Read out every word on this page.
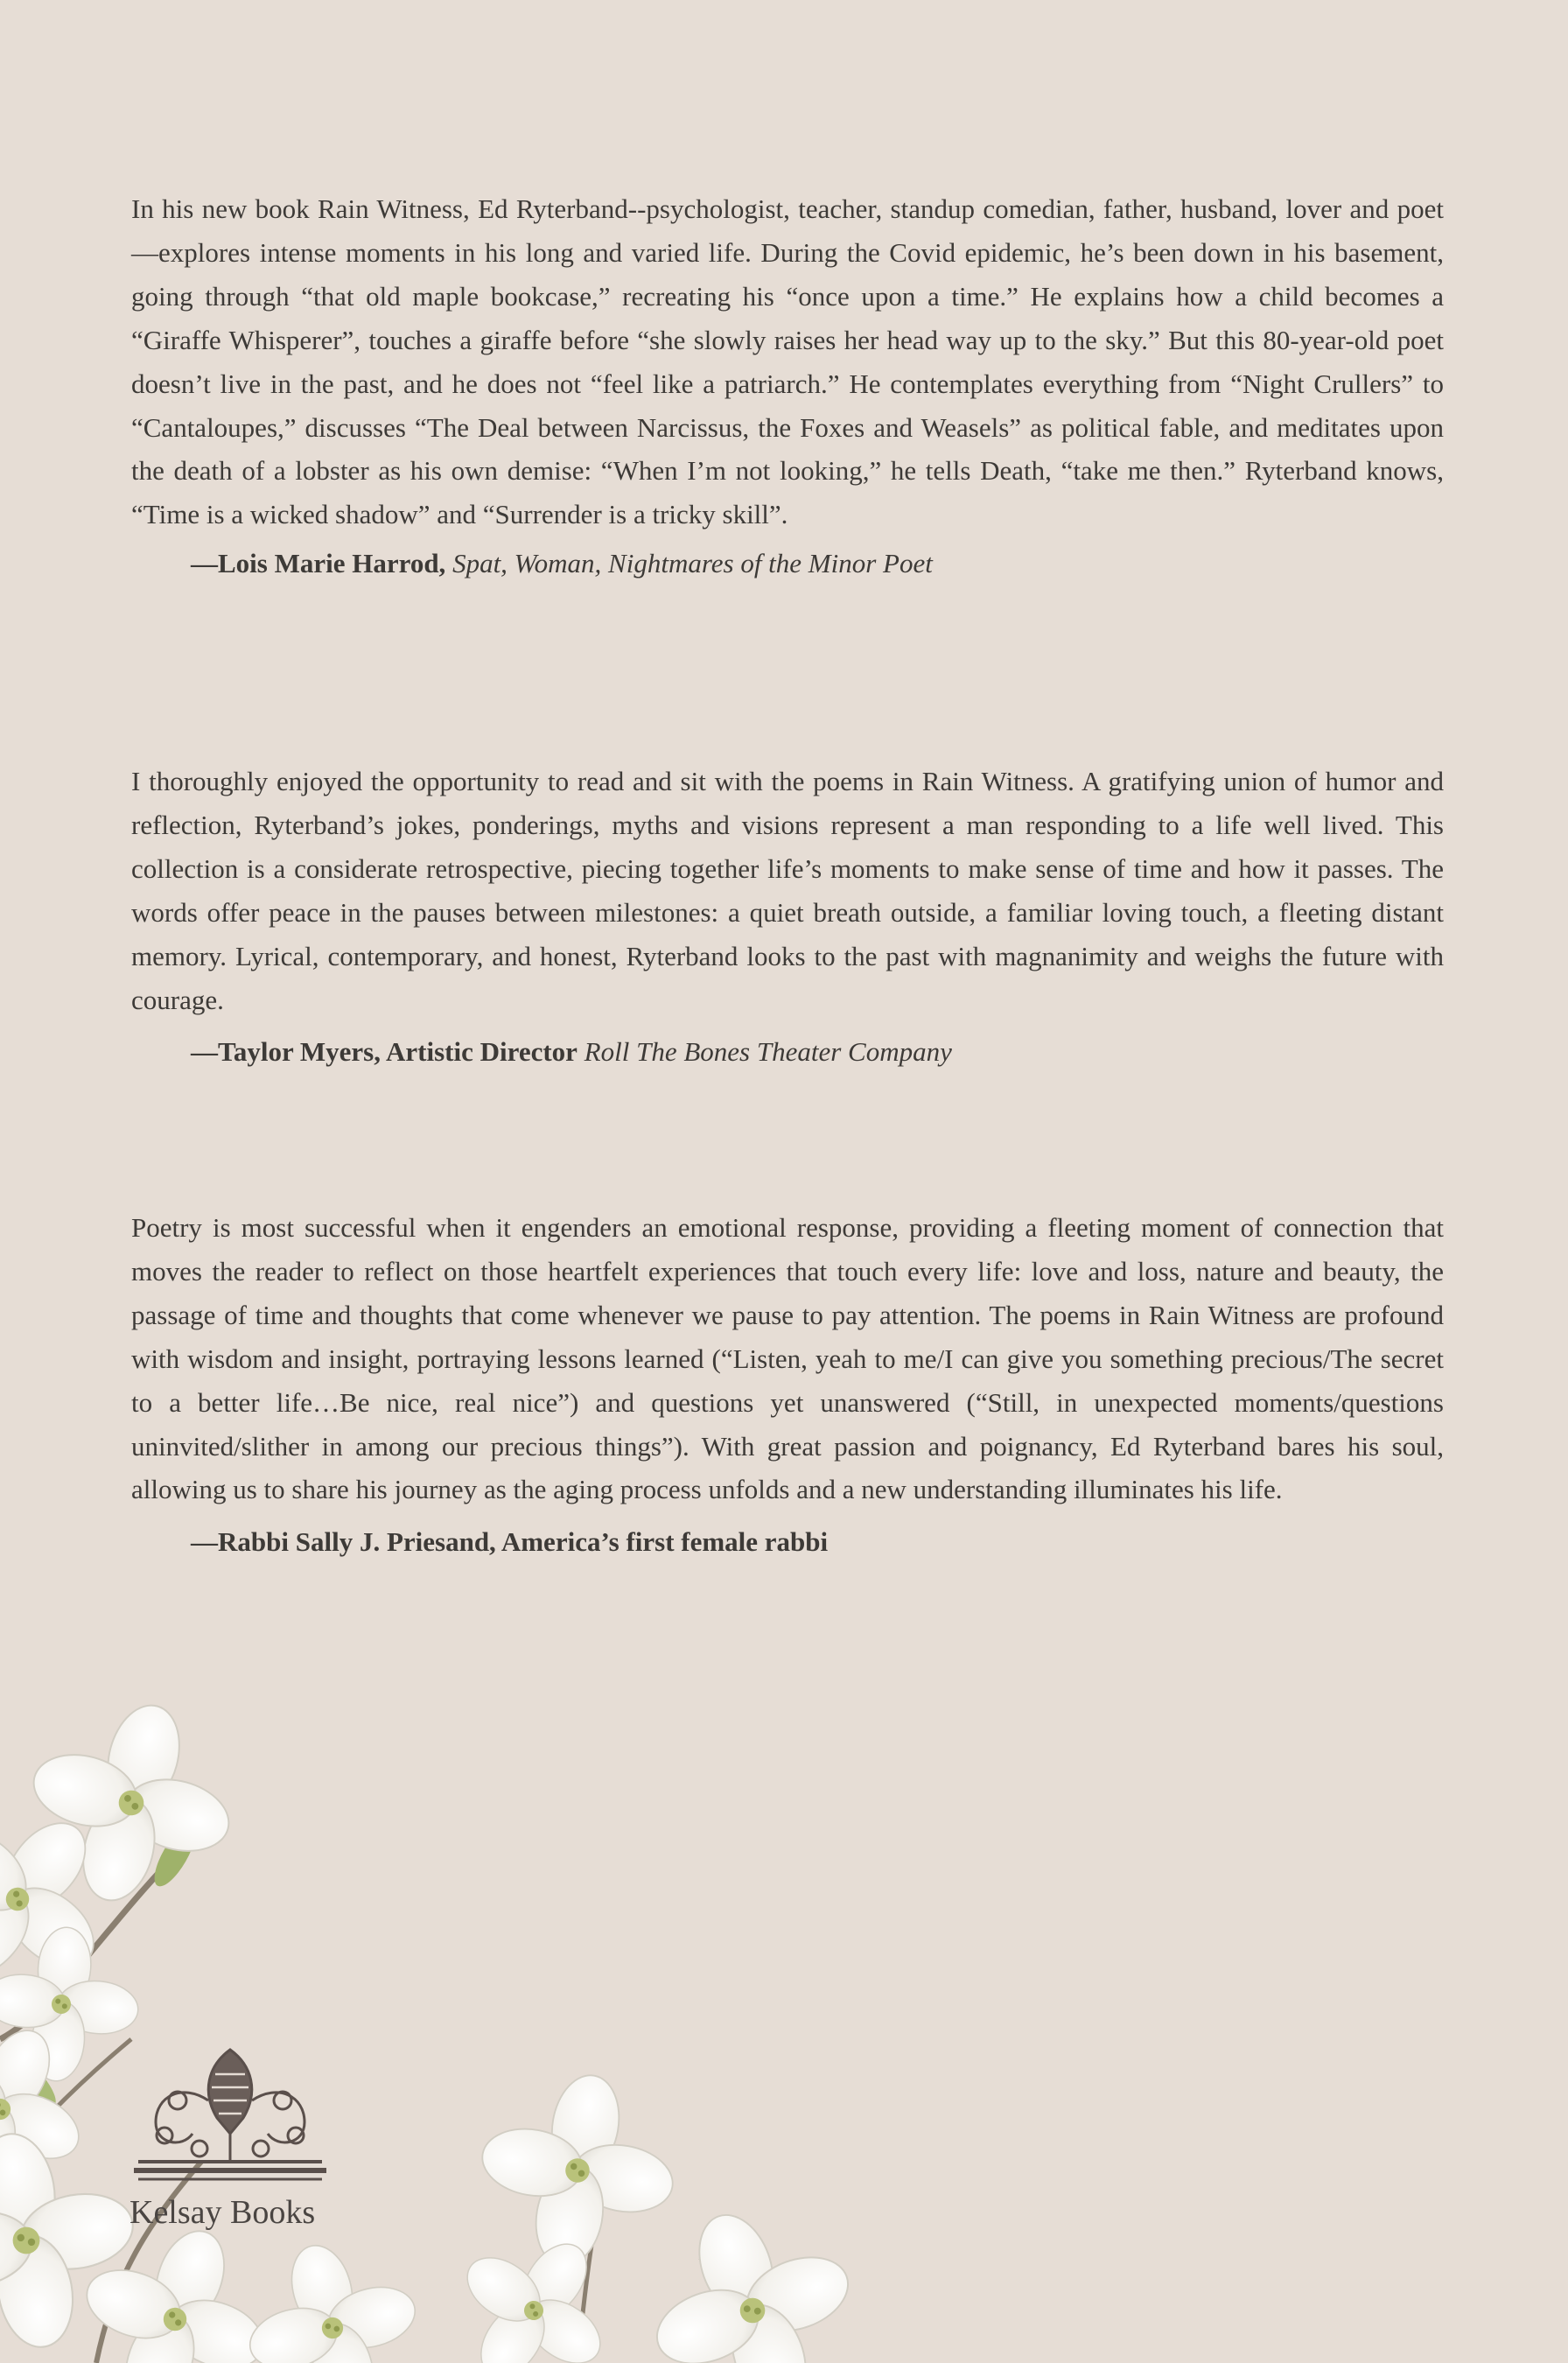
In his new book Rain Witness, Ed Ryterband--psychologist, teacher, standup comedian, father, husband, lover and poet—explores intense moments in his long and varied life. During the Covid epidemic, he’s been down in his basement, going through “that old maple bookcase,” recreating his “once upon a time.” He explains how a child becomes a “Giraffe Whisperer”, touches a giraffe before “she slowly raises her head way up to the sky.” But this 80-year-old poet doesn’t live in the past, and he does not “feel like a patriarch.” He contemplates everything from “Night Crullers” to “Cantaloupes,” discusses “The Deal between Narcissus, the Foxes and Weasels” as political fable, and meditates upon the death of a lobster as his own demise: “When I’m not looking,” he tells Death, “take me then.” Ryterband knows, “Time is a wicked shadow” and “Surrender is a tricky skill”.

—Lois Marie Harrod, Spat, Woman, Nightmares of the Minor Poet

I thoroughly enjoyed the opportunity to read and sit with the poems in Rain Witness. A gratifying union of humor and reflection, Ryterband’s jokes, ponderings, myths and visions represent a man responding to a life well lived. This collection is a considerate retrospective, piecing together life’s moments to make sense of time and how it passes. The words offer peace in the pauses between milestones: a quiet breath outside, a familiar loving touch, a fleeting distant memory. Lyrical, contemporary, and honest, Ryterband looks to the past with magnanimity and weighs the future with courage.

—Taylor Myers, Artistic Director Roll The Bones Theater Company

Poetry is most successful when it engenders an emotional response, providing a fleeting moment of connection that moves the reader to reflect on those heartfelt experiences that touch every life: love and loss, nature and beauty, the passage of time and thoughts that come whenever we pause to pay attention. The poems in Rain Witness are profound with wisdom and insight, portraying lessons learned (“Listen, yeah to me/I can give you something precious/The secret to a better life…Be nice, real nice”) and questions yet unanswered (“Still, in unexpected moments/questions uninvited/slither in among our precious things”). With great passion and poignancy, Ed Ryterband bares his soul, allowing us to share his journey as the aging process unfolds and a new understanding illuminates his life.

—Rabbi Sally J. Priesand, America’s first female rabbi

Kelsay Books
